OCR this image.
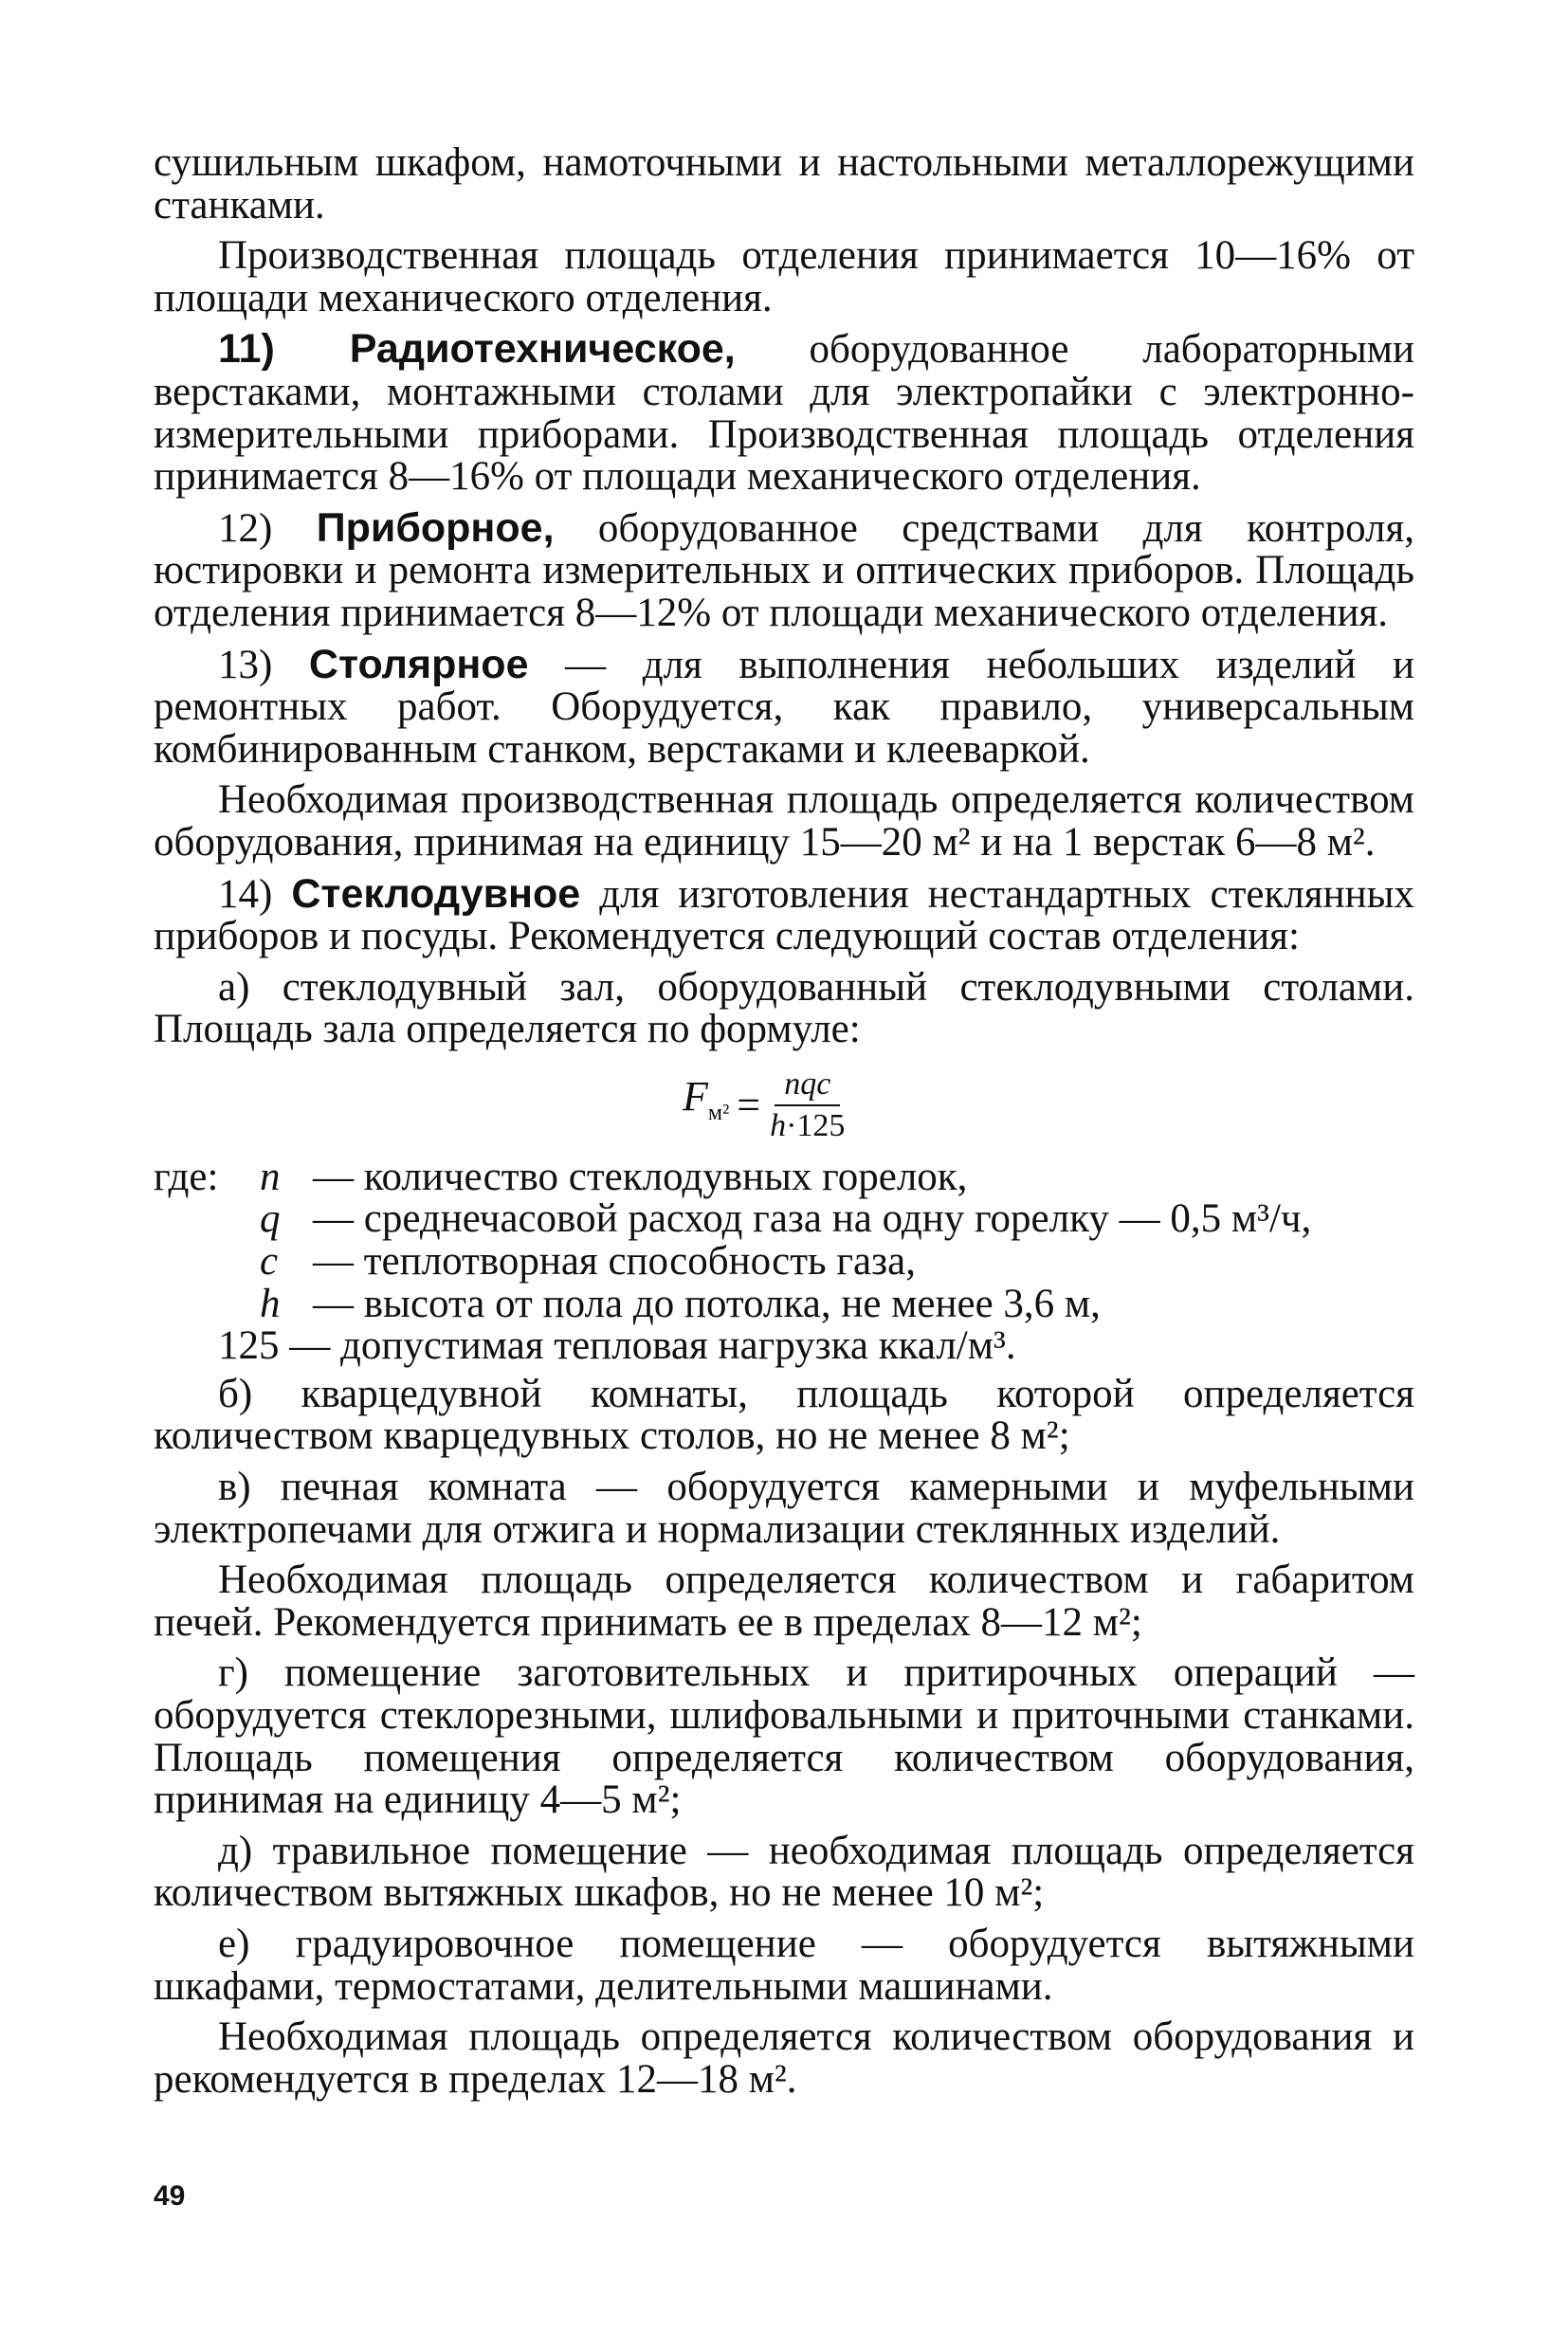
сушильным шкафом, намоточными и настольными металлорежущими станками.

Производственная площадь отделения принимается 10—16% от площади механического отделения.

11) Радиотехническое, оборудованное лабораторными верстаками, монтажными столами для электропайки с электронно-измерительными приборами. Производственная площадь отделения принимается 8—16% от площади механического отделения.

12) Приборное, оборудованное средствами для контроля, юстировки и ремонта измерительных и оптических приборов. Площадь отделения принимается 8—12% от площади механического отделения.

13) Столярное — для выполнения небольших изделий и ремонтных работ. Оборудуется, как правило, универсальным комбинированным станком, верстаками и клееваркой.

Необходимая производственная площадь определяется количеством оборудования, принимая на единицу 15—20 м² и на 1 верстак 6—8 м².

14) Стеклодувное для изготовления нестандартных стеклянных приборов и посуды. Рекомендуется следующий состав отделения:

а) стеклодувный зал, оборудованный стеклодувными столами. Площадь зала определяется по формуле:

$F_{м^2} = \frac{\text{nqc}}{h\cdot 125}$
где:	n — количество стеклодувных горелок,
q — среднечасовой расход газа на одну горелку — 0,5 м³/ч,
c — теплотворная способность газа,
h — высота от пола до потолка, не менее 3,6 м,
125 — допустимая тепловая нагрузка ккал/м³.

б) кварцедувной комнаты, площадь которой определяется количеством кварцедувных столов, но не менее 8 м²;

в) печная комната — оборудуется камерными и муфельными электропечами для отжига и нормализации стеклянных изделий.

Необходимая площадь определяется количеством и габаритом печей. Рекомендуется принимать ее в пределах 8—12 м²;

г) помещение заготовительных и притирочных операций — оборудуется стеклорезными, шлифовальными и приточными станками. Площадь помещения определяется количеством оборудования, принимая на единицу 4—5 м²;

д) травильное помещение — необходимая площадь определяется количеством вытяжных шкафов, но не менее 10 м²;

е) градуировочное помещение — оборудуется вытяжными шкафами, термостатами, делительными машинами.

Необходимая площадь определяется количеством оборудования и рекомендуется в пределах 12—18 м².

49
